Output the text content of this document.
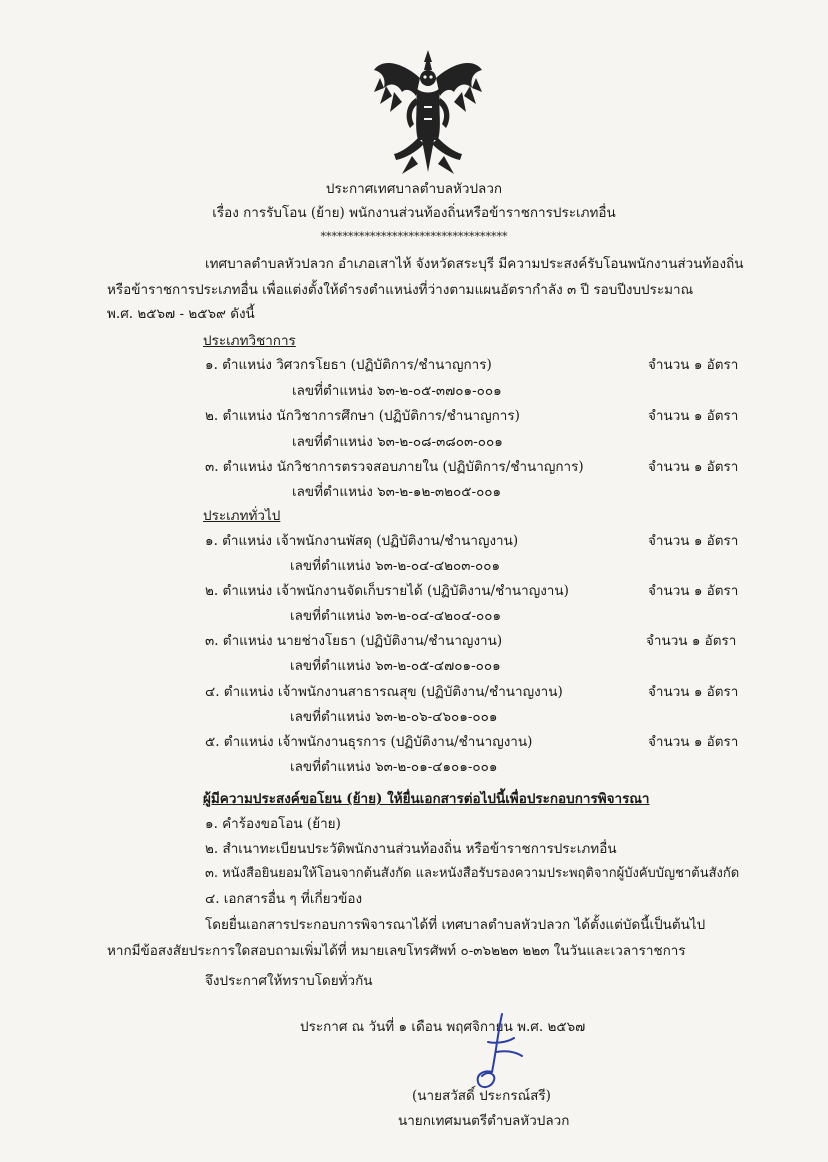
ประกาศเทศบาลตำบลหัวปลวก
เรื่อง การรับโอน (ย้าย) พนักงานส่วนท้องถิ่นหรือข้าราชการประเภทอื่น
**********************************
เทศบาลตำบลหัวปลวก อำเภอเสาไห้ จังหวัดสระบุรี มีความประสงค์รับโอนพนักงานส่วนท้องถิ่น
หรือข้าราชการประเภทอื่น เพื่อแต่งตั้งให้ดำรงตำแหน่งที่ว่างตามแผนอัตรากำลัง ๓ ปี รอบปีงบประมาณ
พ.ศ. ๒๕๖๗ - ๒๕๖๙ ดังนี้
ประเภทวิชาการ
๑. ตำแหน่ง วิศวกรโยธา (ปฏิบัติการ/ชำนาญการ)	จำนวน ๑ อัตรา
เลขที่ตำแหน่ง ๖๓-๒-๐๕-๓๗๐๑-๐๐๑
๒. ตำแหน่ง นักวิชาการศึกษา (ปฏิบัติการ/ชำนาญการ)	จำนวน ๑ อัตรา
เลขที่ตำแหน่ง ๖๓-๒-๐๘-๓๘๐๓-๐๐๑
๓. ตำแหน่ง นักวิชาการตรวจสอบภายใน (ปฏิบัติการ/ชำนาญการ)	จำนวน ๑ อัตรา
เลขที่ตำแหน่ง ๖๓-๒-๑๒-๓๒๐๕-๐๐๑
ประเภททั่วไป
๑. ตำแหน่ง เจ้าพนักงานพัสดุ (ปฏิบัติงาน/ชำนาญงาน)	จำนวน ๑ อัตรา
เลขที่ตำแหน่ง ๖๓-๒-๐๔-๔๒๐๓-๐๐๑
๒. ตำแหน่ง เจ้าพนักงานจัดเก็บรายได้ (ปฏิบัติงาน/ชำนาญงาน)	จำนวน ๑ อัตรา
เลขที่ตำแหน่ง ๖๓-๒-๐๔-๔๒๐๔-๐๐๑
๓. ตำแหน่ง นายช่างโยธา (ปฏิบัติงาน/ชำนาญงาน)	จำนวน ๑ อัตรา
เลขที่ตำแหน่ง ๖๓-๒-๐๕-๔๗๐๑-๐๐๑
๔. ตำแหน่ง เจ้าพนักงานสาธารณสุข (ปฏิบัติงาน/ชำนาญงาน)	จำนวน ๑ อัตรา
เลขที่ตำแหน่ง ๖๓-๒-๐๖-๔๖๐๑-๐๐๑
๕. ตำแหน่ง เจ้าพนักงานธุรการ (ปฏิบัติงาน/ชำนาญงาน)	จำนวน ๑ อัตรา
เลขที่ตำแหน่ง ๖๓-๒-๐๑-๔๑๐๑-๐๐๑
ผู้มีความประสงค์ขอโยน (ย้าย) ให้ยื่นเอกสารต่อไปนี้เพื่อประกอบการพิจารณา
๑. คำร้องขอโอน (ย้าย)
๒. สำเนาทะเบียนประวัติพนักงานส่วนท้องถิ่น หรือข้าราชการประเภทอื่น
๓. หนังสือยินยอมให้โอนจากต้นสังกัด และหนังสือรับรองความประพฤติจากผู้บังคับบัญชาต้นสังกัด
๔. เอกสารอื่น ๆ ที่เกี่ยวข้อง
โดยยื่นเอกสารประกอบการพิจารณาได้ที่ เทศบาลตำบลหัวปลวก ได้ตั้งแต่บัดนี้เป็นต้นไป
หากมีข้อสงสัยประการใดสอบถามเพิ่มได้ที่ หมายเลขโทรศัพท์ ๐-๓๖๒๒๓ ๒๒๓ ในวันและเวลาราชการ
จึงประกาศให้ทราบโดยทั่วกัน
ประกาศ ณ วันที่ ๑ เดือน พฤศจิกายน พ.ศ. ๒๕๖๗
(นายสวัสดิ์ ประกรณ์สรี)
นายกเทศมนตรีตำบลหัวปลวก
